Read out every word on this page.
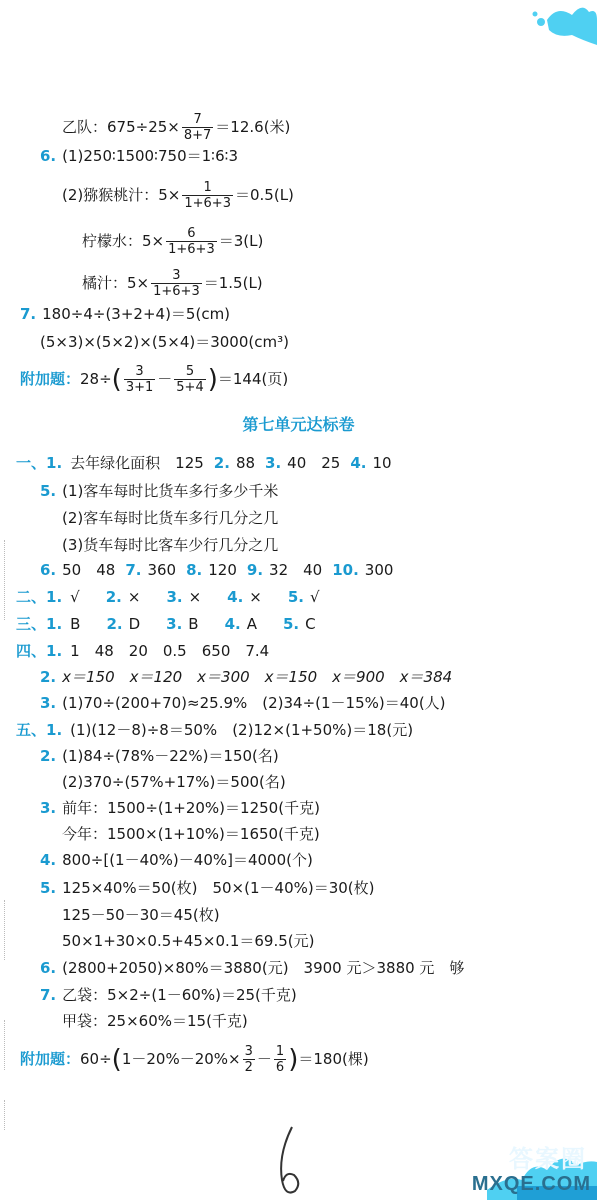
答案圈
MXQE.COM
乙队：$675\div 25\times \frac{7}{8+7} =12.6$(米)
6. (1)250∶1500∶750＝1∶6∶3
(2)猕猴桃汁：$5\times \frac{1}{1+6+3} =0.5(L)$
柠檬水：$5\times \frac{6}{1+6+3} =3(L)$
橘汁：$5\times \frac{3}{1+6+3} =1.5(L)$
7. 180÷4÷(3+2+4)＝5(cm)
(5×3)×(5×2)×(5×4)＝3000(cm³)
附加题：$28\div( \frac{3}{3+1} - \frac{5}{5+4} )=144$(页)
第七单元达标卷
一、1. 去年绿化面积　125 2. 88 3. 40　25 4. 10
5. (1)客车每时比货车多行多少千米
(2)客车每时比货车多行几分之几
(3)货车每时比客车少行几分之几
6. 50　48 7. 360 8. 120 9. 32　40 10. 300
二、1. √ 2. × 3. × 4. × 5. √
三、1. B 2. D 3. B 4. A 5. C
四、1. 1　48　20　0.5　650　7.4
2. x＝150　x＝120　x＝300　x＝150　x＝900　x＝384
3. (1)70÷(200+70)≈25.9%　(2)34÷(1－15%)＝40(人)
五、1. (1)(12－8)÷8＝50%　(2)12×(1+50%)＝18(元)
2. (1)84÷(78%－22%)＝150(名)
(2)370÷(57%+17%)＝500(名)
3. 前年：1500÷(1+20%)＝1250(千克)
今年：1500×(1+10%)＝1650(千克)
4. 800÷[(1－40%)－40%]＝4000(个)
5. 125×40%＝50(枚)　50×(1－40%)＝30(枚)
125－50－30＝45(枚)
50×1+30×0.5+45×0.1＝69.5(元)
6. (2800+2050)×80%＝3880(元)　3900 元＞3880 元　够
7. 乙袋：5×2÷(1－60%)＝25(千克)
甲袋：25×60%＝15(千克)
附加题：$60\div(1-20\%-20\%\times \frac{3}{2} - \frac{1}{6} )=180$(棵)
